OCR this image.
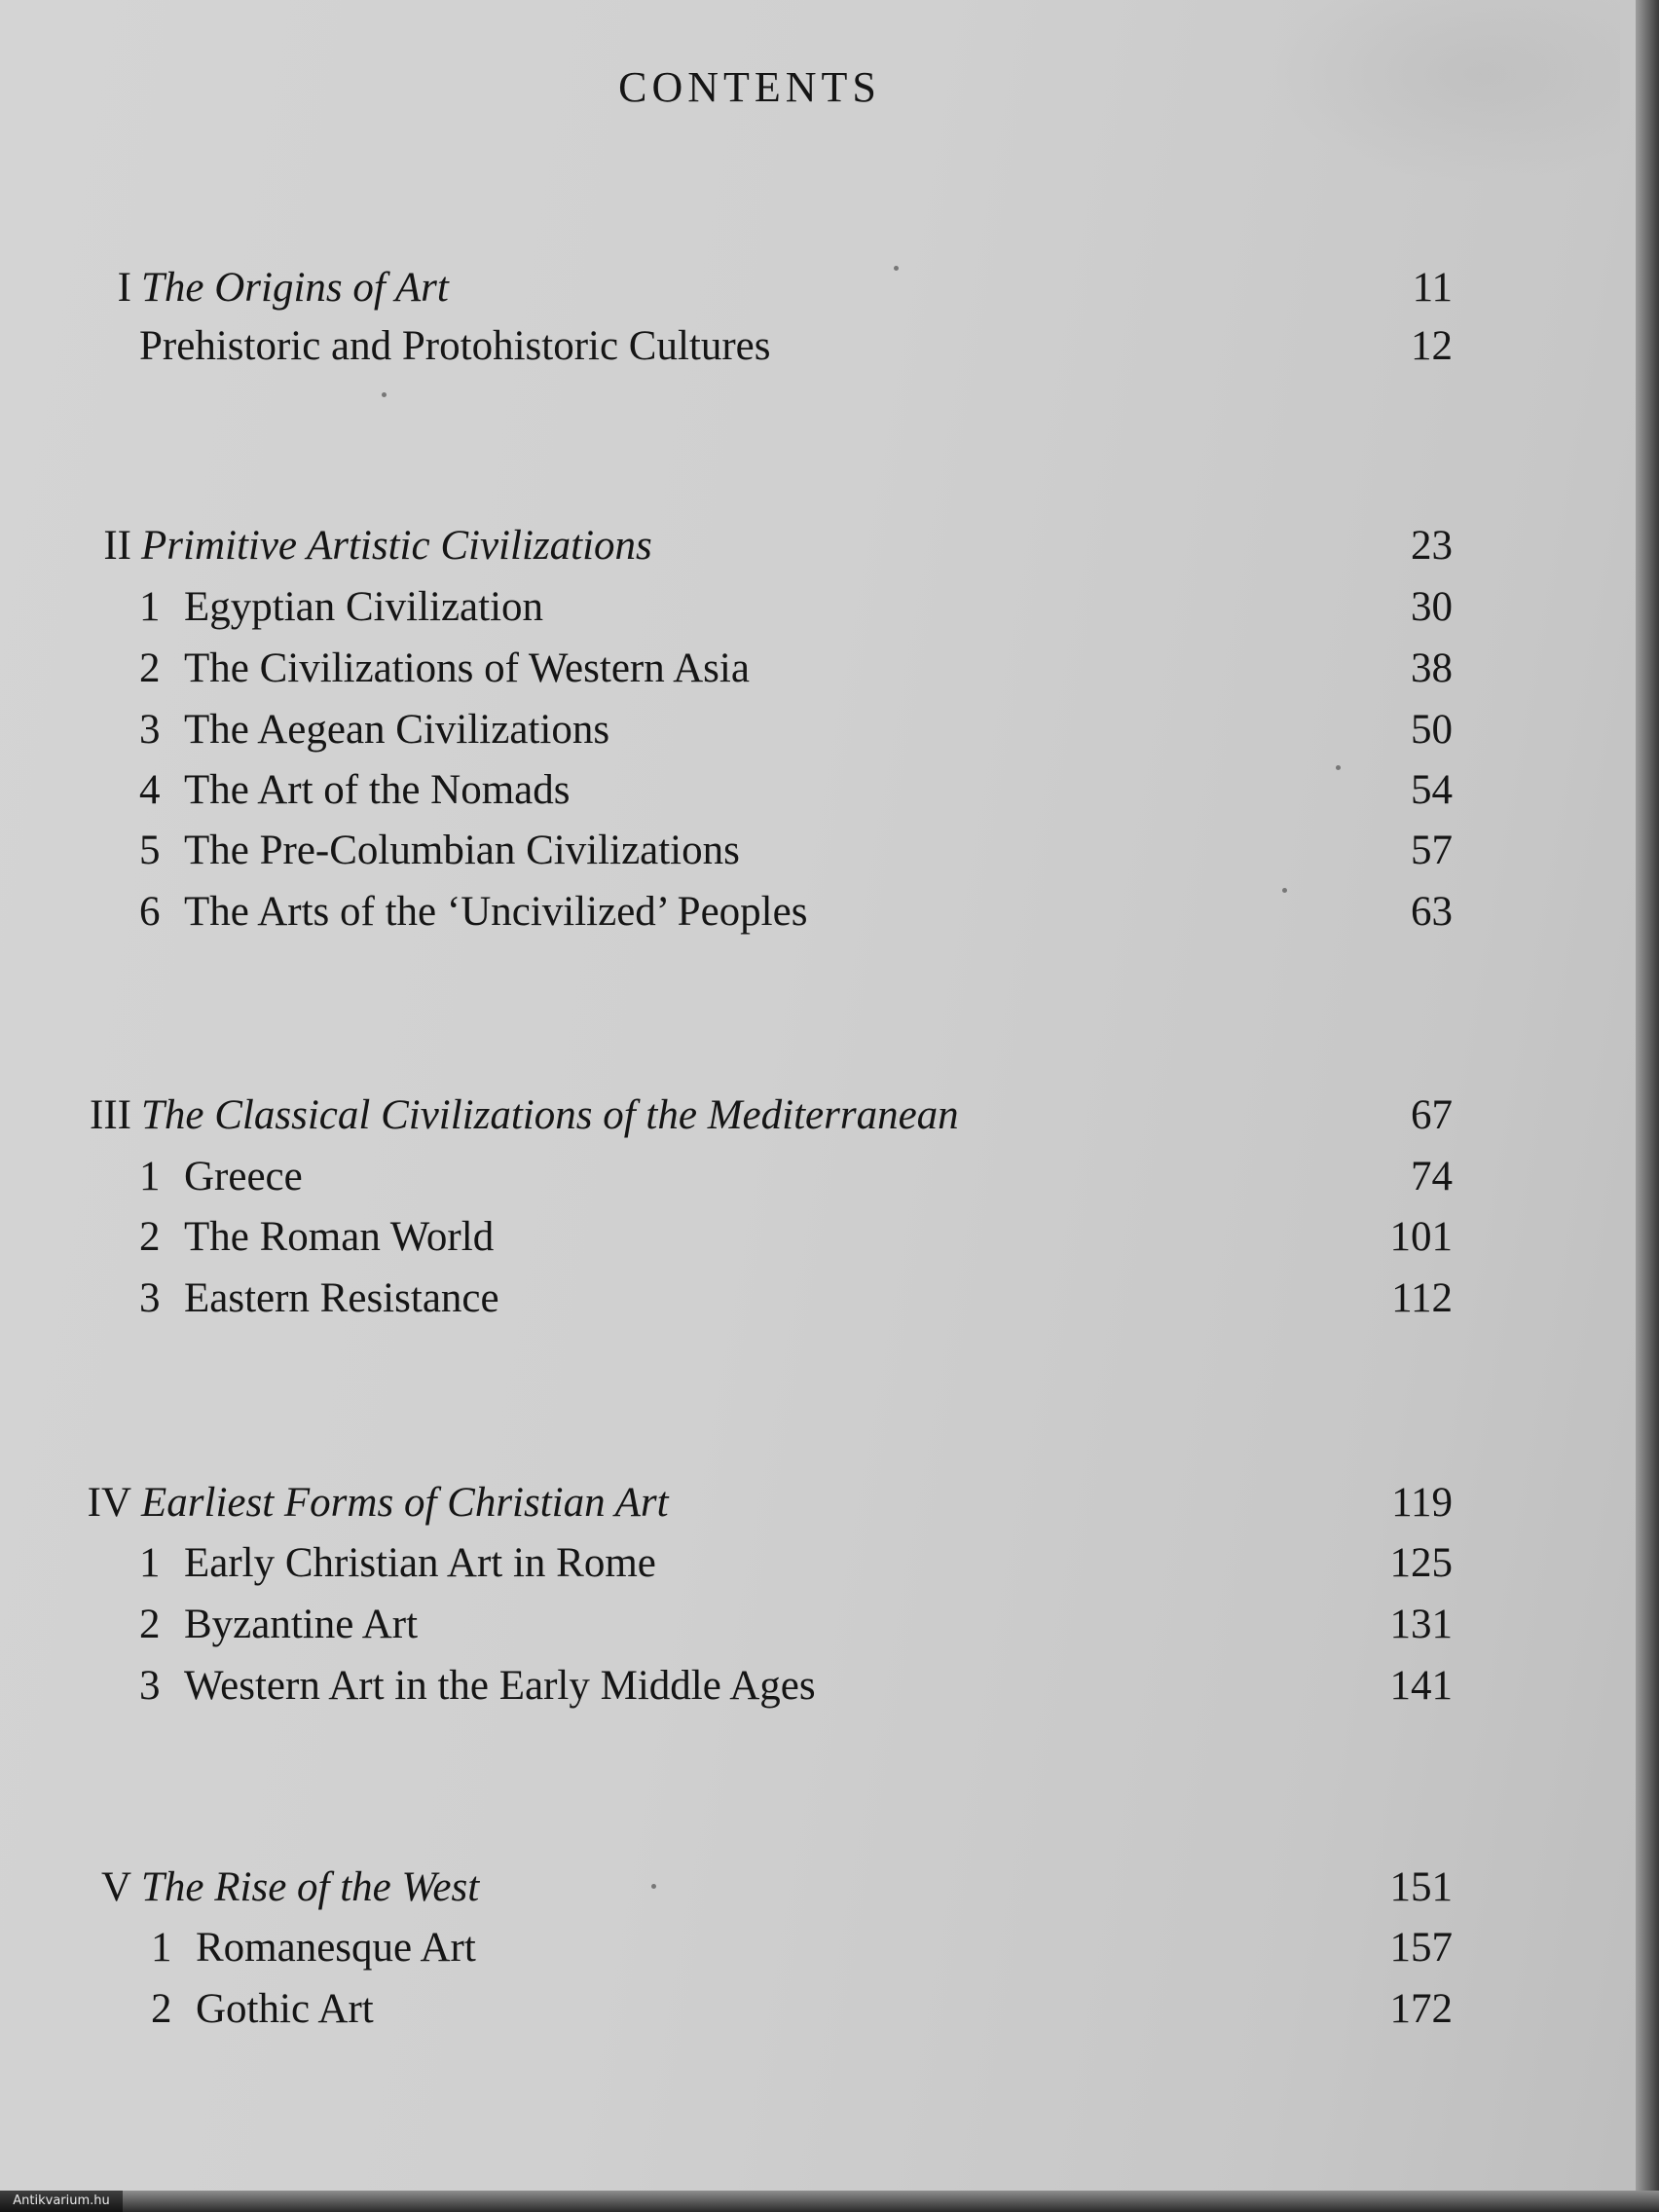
CONTENTS
I The Origins of Art	11
Prehistoric and Protohistoric Cultures	12
II Primitive Artistic Civilizations	23
1 Egyptian Civilization	30
2 The Civilizations of Western Asia	38
3 The Aegean Civilizations	50
4 The Art of the Nomads	54
5 The Pre-Columbian Civilizations	57
6 The Arts of the ‘Uncivilized’ Peoples	63
III The Classical Civilizations of the Mediterranean	67
1 Greece	74
2 The Roman World	101
3 Eastern Resistance	112
IV Earliest Forms of Christian Art	119
1 Early Christian Art in Rome	125
2 Byzantine Art	131
3 Western Art in the Early Middle Ages	141
V The Rise of the West	151
1 Romanesque Art	157
2 Gothic Art	172
Antikvarium.hu
